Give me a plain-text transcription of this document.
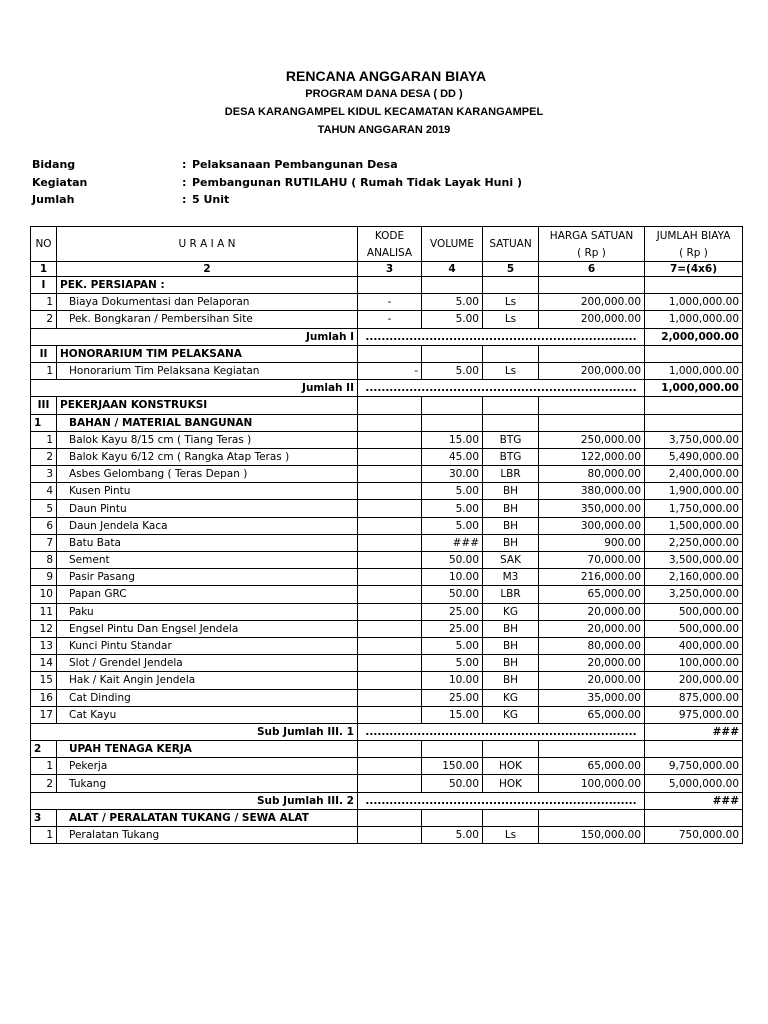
RENCANA ANGGARAN BIAYA
PROGRAM DANA DESA ( DD )
DESA KARANGAMPEL KIDUL KECAMATAN KARANGAMPEL
TAHUN ANGGARAN 2019
Bidang	: Pelaksanaan Pembangunan Desa
Kegiatan	: Pembangunan RUTILAHU ( Rumah Tidak Layak Huni )
Jumlah	: 5 Unit
NO	U R A I A N	KODE	VOLUME	SATUAN	HARGA SATUAN	JUMLAH BIAYA
		ANALISA			( Rp )	( Rp )
1	2	3	4	5	6	7=(4x6)
I	PEK. PERSIAPAN :					
1	Biaya Dokumentasi dan Pelaporan	-	5.00	Ls	200,000.00	1,000,000.00
2	Pek. Bongkaran / Pembersihan Site	-	5.00	Ls	200,000.00	1,000,000.00
Jumlah I		....................................................................				2,000,000.00
II	HONORARIUM TIM PELAKSANA					
1	Honorarium Tim Pelaksana Kegiatan	-	5.00	Ls	200,000.00	1,000,000.00
Jumlah II		....................................................................				1,000,000.00
III	PEKERJAAN KONSTRUKSI					
1	BAHAN / MATERIAL BANGUNAN					
1	Balok Kayu 8/15 cm ( Tiang Teras )		15.00	BTG	250,000.00	3,750,000.00
2	Balok Kayu 6/12 cm ( Rangka Atap Teras )		45.00	BTG	122,000.00	5,490,000.00
3	Asbes Gelombang ( Teras Depan )		30.00	LBR	80,000.00	2,400,000.00
4	Kusen Pintu		5.00	BH	380,000.00	1,900,000.00
5	Daun Pintu		5.00	BH	350,000.00	1,750,000.00
6	Daun Jendela Kaca		5.00	BH	300,000.00	1,500,000.00
7	Batu Bata		###	BH	900.00	2,250,000.00
8	Sement		50.00	SAK	70,000.00	3,500,000.00
9	Pasir Pasang		10.00	M3	216,000.00	2,160,000.00
10	Papan GRC		50.00	LBR	65,000.00	3,250,000.00
11	Paku		25.00	KG	20,000.00	500,000.00
12	Engsel Pintu Dan Engsel Jendela		25.00	BH	20,000.00	500,000.00
13	Kunci Pintu Standar		5.00	BH	80,000.00	400,000.00
14	Slot / Grendel Jendela		5.00	BH	20,000.00	100,000.00
15	Hak / Kait Angin Jendela		10.00	BH	20,000.00	200,000.00
16	Cat Dinding		25.00	KG	35,000.00	875,000.00
17	Cat Kayu		15.00	KG	65,000.00	975,000.00
Sub Jumlah III. 1		....................................................................				###
2	UPAH TENAGA KERJA					
1	Pekerja		150.00	HOK	65,000.00	9,750,000.00
2	Tukang		50.00	HOK	100,000.00	5,000,000.00
Sub Jumlah III. 2		....................................................................				###
3	ALAT / PERALATAN TUKANG / SEWA ALAT					
1	Peralatan Tukang		5.00	Ls	150,000.00	750,000.00
